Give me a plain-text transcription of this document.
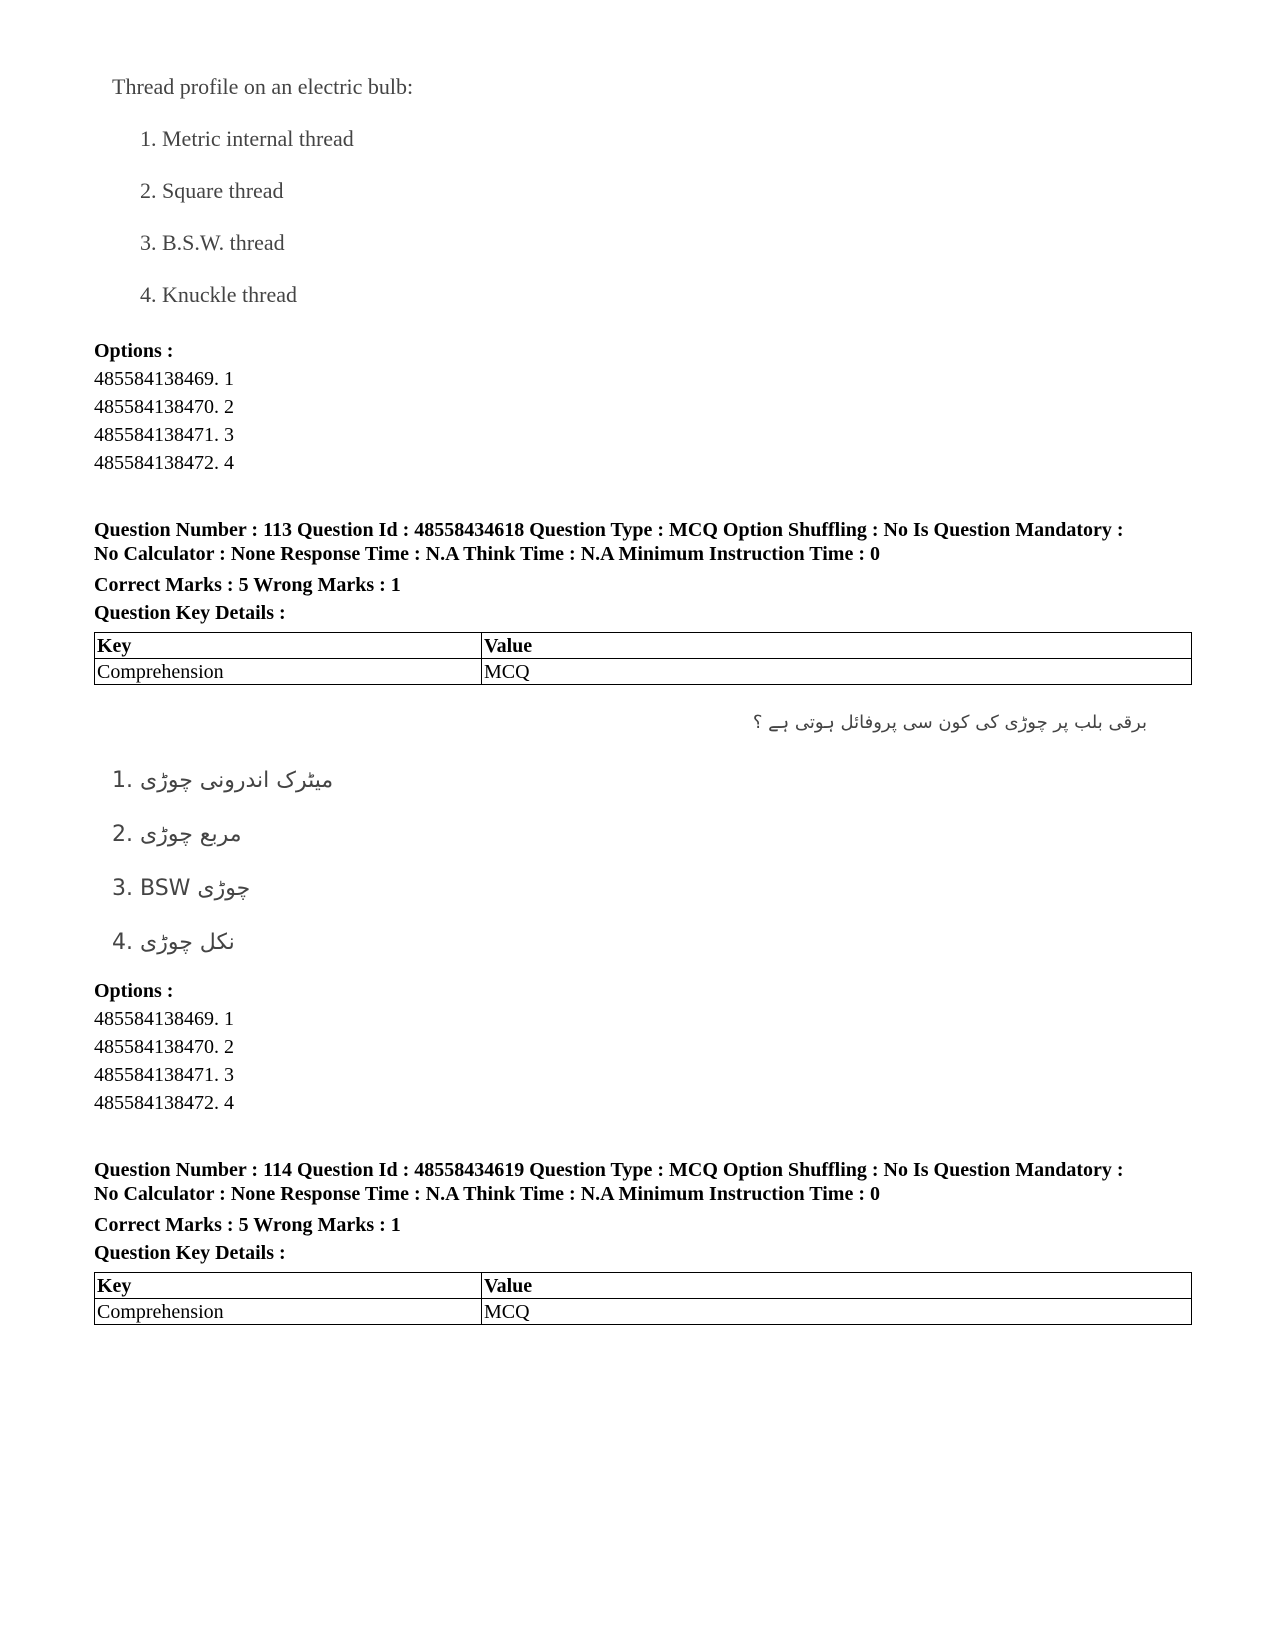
Thread profile on an electric bulb:
1. Metric internal thread
2. Square thread
3. B.S.W. thread
4. Knuckle thread
Options :
485584138469. 1
485584138470. 2
485584138471. 3
485584138472. 4
Question Number : 113 Question Id : 48558434618 Question Type : MCQ Option Shuffling : No Is Question Mandatory :
No Calculator : None Response Time : N.A Think Time : N.A Minimum Instruction Time : 0
Correct Marks : 5 Wrong Marks : 1
Question Key Details :
Key	Value
Comprehension	MCQ
برقی بلب پر چوڑی کی کون سی پروفائل ہوتی ہے ؟
1. میٹرک اندرونی چوڑی
2. مربع چوڑی
3. BSW چوڑی
4. نکل چوڑی
Options :
485584138469. 1
485584138470. 2
485584138471. 3
485584138472. 4
Question Number : 114 Question Id : 48558434619 Question Type : MCQ Option Shuffling : No Is Question Mandatory :
No Calculator : None Response Time : N.A Think Time : N.A Minimum Instruction Time : 0
Correct Marks : 5 Wrong Marks : 1
Question Key Details :
Key	Value
Comprehension	MCQ
